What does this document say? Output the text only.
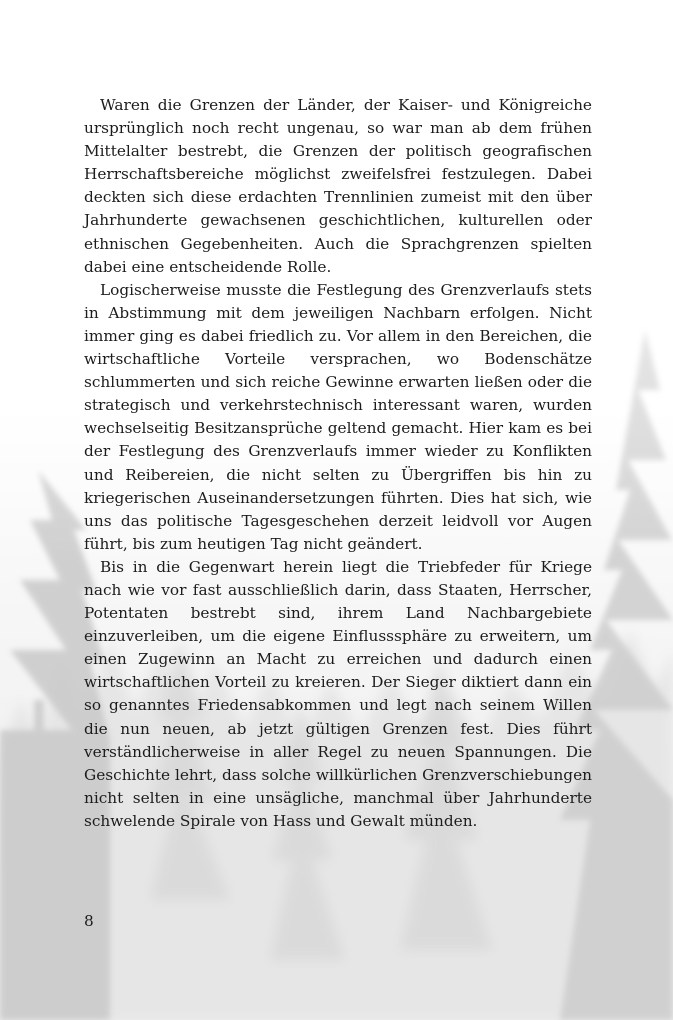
Waren die Grenzen der Länder, der Kaiser- und Königreiche ursprünglich noch recht ungenau, so war man ab dem frühen Mittelalter bestrebt, die Grenzen der politisch geografischen Herrschaftsbereiche möglichst zweifelsfrei festzulegen. Dabei deckten sich diese erdachten Trennlinien zumeist mit den über Jahrhunderte gewachsenen geschichtlichen, kulturellen oder ethnischen Gegebenheiten. Auch die Sprachgrenzen spielten dabei eine entscheidende Rolle.

Logischerweise musste die Festlegung des Grenzverlaufs stets in Abstimmung mit dem jeweiligen Nachbarn erfolgen. Nicht immer ging es dabei friedlich zu. Vor allem in den Bereichen, die wirtschaftliche Vorteile versprachen, wo Bodenschätze schlummerten und sich reiche Gewinne erwarten ließen oder die strategisch und verkehrstechnisch interessant waren, wurden wechselseitig Besitzansprüche geltend gemacht. Hier kam es bei der Festlegung des Grenzverlaufs immer wieder zu Konflikten und Reibereien, die nicht selten zu Übergriffen bis hin zu kriegerischen Auseinandersetzungen führten. Dies hat sich, wie uns das politische Tagesgeschehen derzeit leidvoll vor Augen führt, bis zum heutigen Tag nicht geändert.

Bis in die Gegenwart herein liegt die Triebfeder für Kriege nach wie vor fast ausschließlich darin, dass Staaten, Herrscher, Potentaten bestrebt sind, ihrem Land Nachbargebiete einzuverleiben, um die eigene Einflusssphäre zu erweitern, um einen Zugewinn an Macht zu erreichen und dadurch einen wirtschaftlichen Vorteil zu kreieren. Der Sieger diktiert dann ein so genanntes Friedensabkommen und legt nach seinem Willen die nun neuen, ab jetzt gültigen Grenzen fest. Dies führt verständlicherweise in aller Regel zu neuen Spannungen. Die Geschichte lehrt, dass solche willkürlichen Grenzverschiebungen nicht selten in eine unsägliche, manchmal über Jahrhunderte schwelende Spirale von Hass und Gewalt münden.

8
